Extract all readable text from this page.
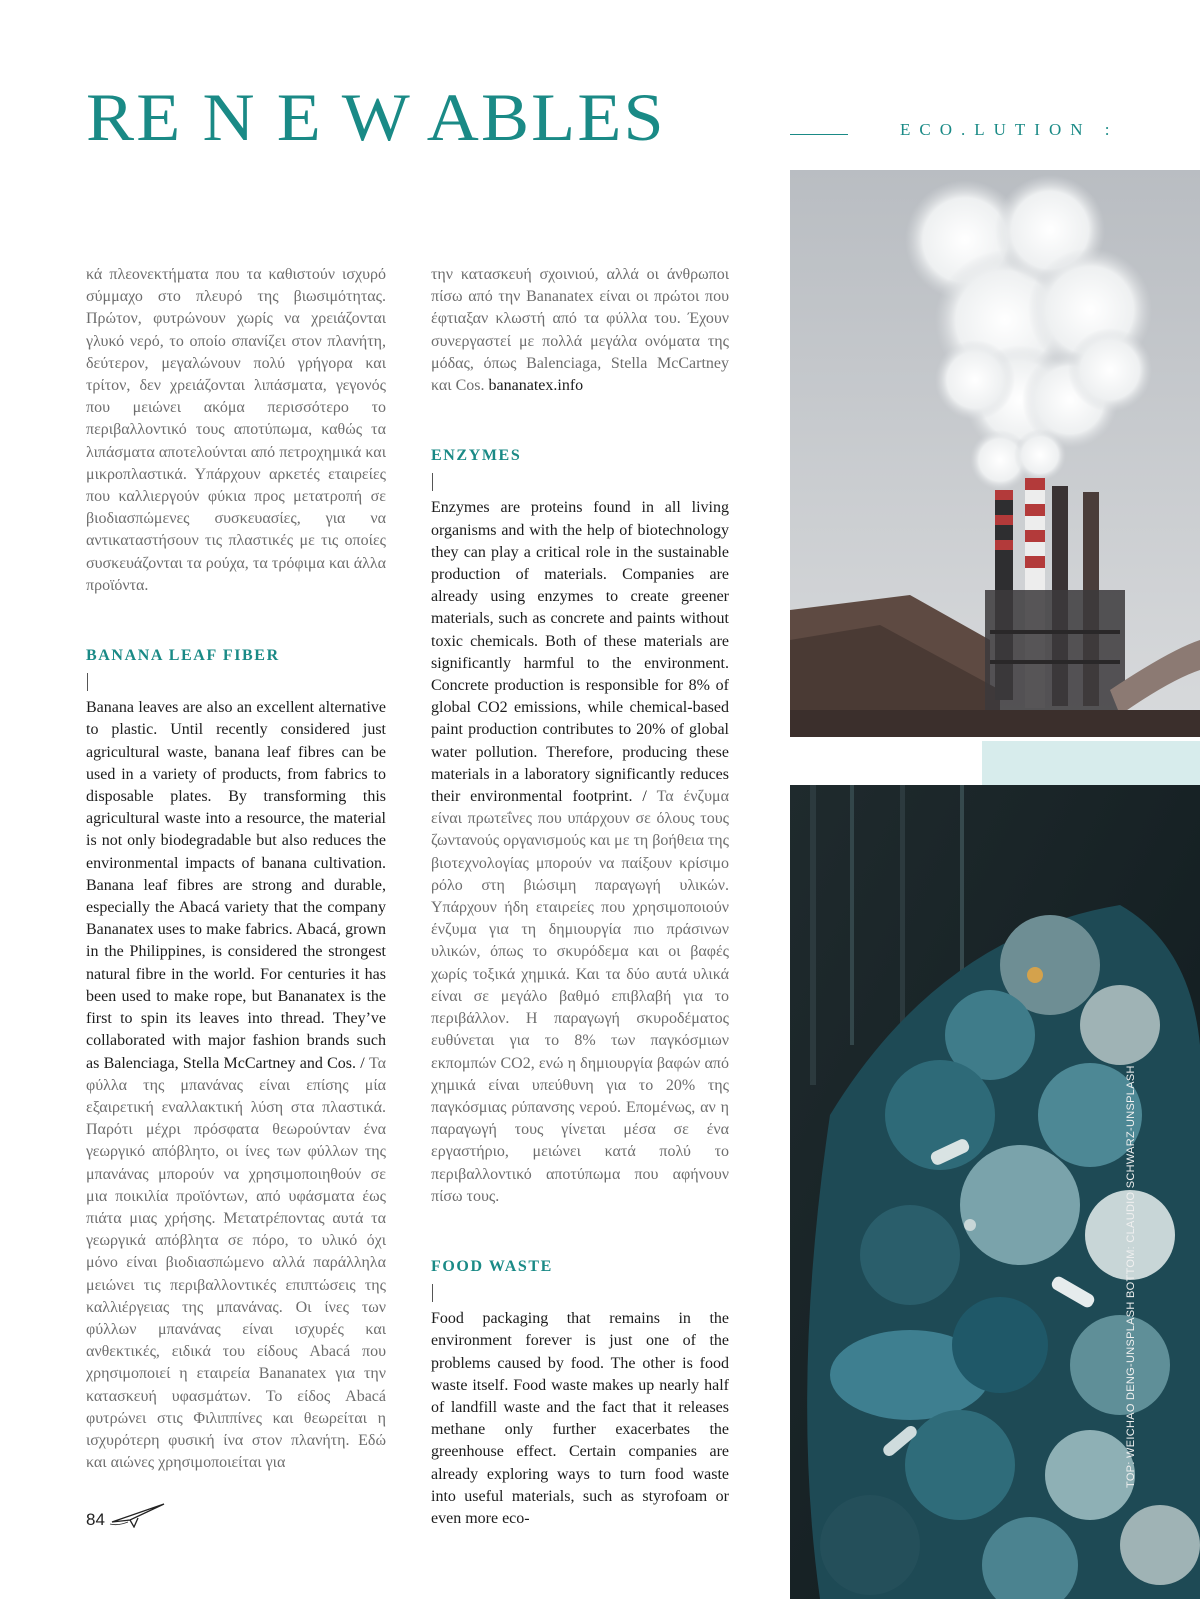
RE N E W ABLES	ECO.LUTION :

κά πλεονεκτήματα που τα καθιστούν ισχυρό σύμμαχο στο πλευρό της βιωσιμότητας. Πρώτον, φυτρώνουν χωρίς να χρειάζονται γλυκό νερό, το οποίο σπανίζει στον πλανήτη, δεύτερον, μεγαλώνουν πολύ γρήγορα και τρίτον, δεν χρειάζονται λιπάσματα, γεγονός που μειώνει ακόμα περισσότερο το περιβαλλοντικό τους αποτύπωμα, καθώς τα λιπάσματα αποτελούνται από πετροχημικά και μικροπλαστικά. Υπάρχουν αρκετές εταιρείες που καλλιεργούν φύκια προς μετατροπή σε βιοδιασπώμενες συσκευασίες, για να αντικαταστήσουν τις πλαστικές με τις οποίες συσκευάζονται τα ρούχα, τα τρόφιμα και άλλα προϊόντα.

BANANA LEAF FIBER

Banana leaves are also an excellent alternative to plastic. Until recently considered just agricultural waste, banana leaf fibres can be used in a variety of products, from fabrics to disposable plates. By transforming this agricultural waste into a resource, the material is not only biodegradable but also reduces the environmental impacts of banana cultivation. Banana leaf fibres are strong and durable, especially the Abacá variety that the company Bananatex uses to make fabrics. Abacá, grown in the Philippines, is considered the strongest natural fibre in the world. For centuries it has been used to make rope, but Bananatex is the first to spin its leaves into thread. They’ve collaborated with major fashion brands such as Balenciaga, Stella McCartney and Cos. / Τα φύλλα της μπανάνας είναι επίσης μία εξαιρετική εναλλακτική λύση στα πλαστικά. Παρότι μέχρι πρόσφατα θεωρούνταν ένα γεωργικό απόβλητο, οι ίνες των φύλλων της μπανάνας μπορούν να χρησιμοποιηθούν σε μια ποικιλία προϊόντων, από υφάσματα έως πιάτα μιας χρήσης. Μετατρέποντας αυτά τα γεωργικά απόβλητα σε πόρο, το υλικό όχι μόνο είναι βιοδιασπώμενο αλλά παράλληλα μειώνει τις περιβαλλοντικές επιπτώσεις της καλλιέργειας της μπανάνας. Οι ίνες των φύλλων μπανάνας είναι ισχυρές και ανθεκτικές, ειδικά του είδους Abacá που χρησιμοποιεί η εταιρεία Bananatex για την κατασκευή υφασμάτων. Το είδος Abacá φυτρώνει στις Φιλιππίνες και θεωρείται η ισχυρότερη φυσική ίνα στον πλανήτη. Εδώ και αιώνες χρησιμοποιείται για

την κατασκευή σχοινιού, αλλά οι άνθρωποι πίσω από την Bananatex είναι οι πρώτοι που έφτιαξαν κλωστή από τα φύλλα του. Έχουν συνεργαστεί με πολλά μεγάλα ονόματα της μόδας, όπως Balenciaga, Stella McCartney και Cos. bananatex.info

ENZYMES

Enzymes are proteins found in all living organisms and with the help of biotechnology they can play a critical role in the sustainable production of materials. Companies are already using enzymes to create greener materials, such as concrete and paints without toxic chemicals. Both of these materials are significantly harmful to the environment. Concrete production is responsible for 8% of global CO2 emissions, while chemical-based paint production contributes to 20% of global water pollution. Therefore, producing these materials in a laboratory significantly reduces their environmental footprint. / Τα ένζυμα είναι πρωτεΐνες που υπάρχουν σε όλους τους ζωντανούς οργανισμούς και με τη βοήθεια της βιοτεχνολογίας μπορούν να παίξουν κρίσιμο ρόλο στη βιώσιμη παραγωγή υλικών. Υπάρχουν ήδη εταιρείες που χρησιμοποιούν ένζυμα για τη δημιουργία πιο πράσινων υλικών, όπως το σκυρόδεμα και οι βαφές χωρίς τοξικά χημικά. Και τα δύο αυτά υλικά είναι σε μεγάλο βαθμό επιβλαβή για το περιβάλλον. Η παραγωγή σκυροδέματος ευθύνεται για το 8% των παγκόσμιων εκπομπών CO2, ενώ η δημιουργία βαφών από χημικά είναι υπεύθυνη για το 20% της παγκόσμιας ρύπανσης νερού. Επομένως, αν η παραγωγή τους γίνεται μέσα σε ένα εργαστήριο, μειώνει κατά πολύ το περιβαλλοντικό αποτύπωμα που αφήνουν πίσω τους.

FOOD WASTE

Food packaging that remains in the environment forever is just one of the problems caused by food. The other is food waste itself. Food waste makes up nearly half of landfill waste and the fact that it releases methane only further exacerbates the greenhouse effect. Certain companies are already exploring ways to turn food waste into useful materials, such as styrofoam or even more eco-

TOP: WEICHAO DENG-UNSPLASH BOTTOM: CLAUDIO SCHWARZ-UNSPLASH
84
